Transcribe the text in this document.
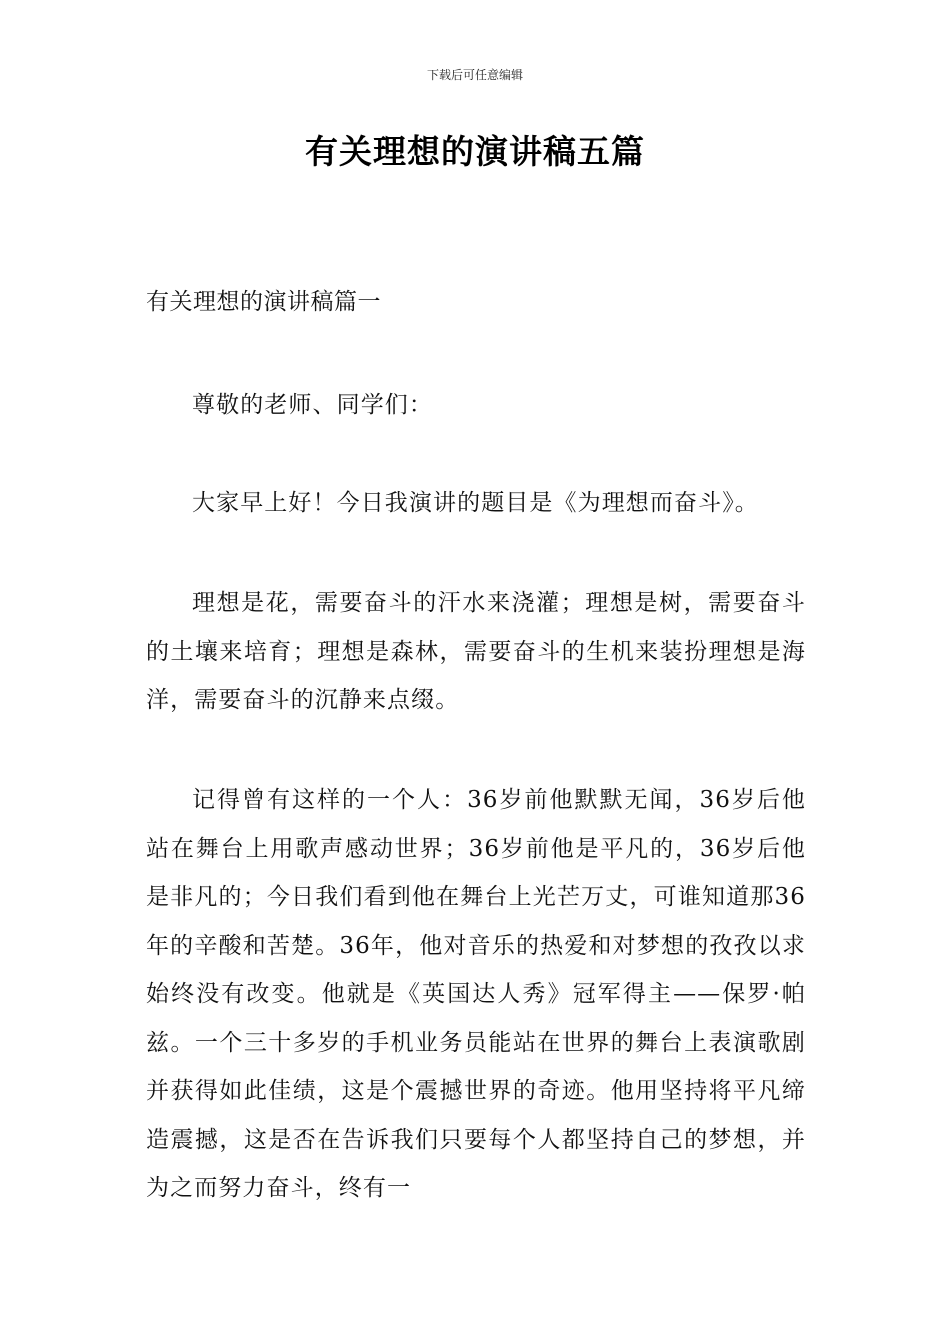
下载后可任意编辑
有关理想的演讲稿五篇
有关理想的演讲稿篇一

尊敬的老师、同学们：

大家早上好！今日我演讲的题目是《为理想而奋斗》。

理想是花，需要奋斗的汗水来浇灌；理想是树，需要奋斗的土壤来培育；理想是森林，需要奋斗的生机来装扮理想是海洋，需要奋斗的沉静来点缀。

记得曾有这样的一个人：36岁前他默默无闻，36岁后他站在舞台上用歌声感动世界；36岁前他是平凡的，36岁后他是非凡的；今日我们看到他在舞台上光芒万丈，可谁知道那36年的辛酸和苦楚。36年，他对音乐的热爱和对梦想的孜孜以求始终没有改变。他就是《英国达人秀》冠军得主——保罗·帕兹。一个三十多岁的手机业务员能站在世界的舞台上表演歌剧并获得如此佳绩，这是个震撼世界的奇迹。他用坚持将平凡缔造震撼，这是否在告诉我们只要每个人都坚持自己的梦想，并为之而努力奋斗，终有一
